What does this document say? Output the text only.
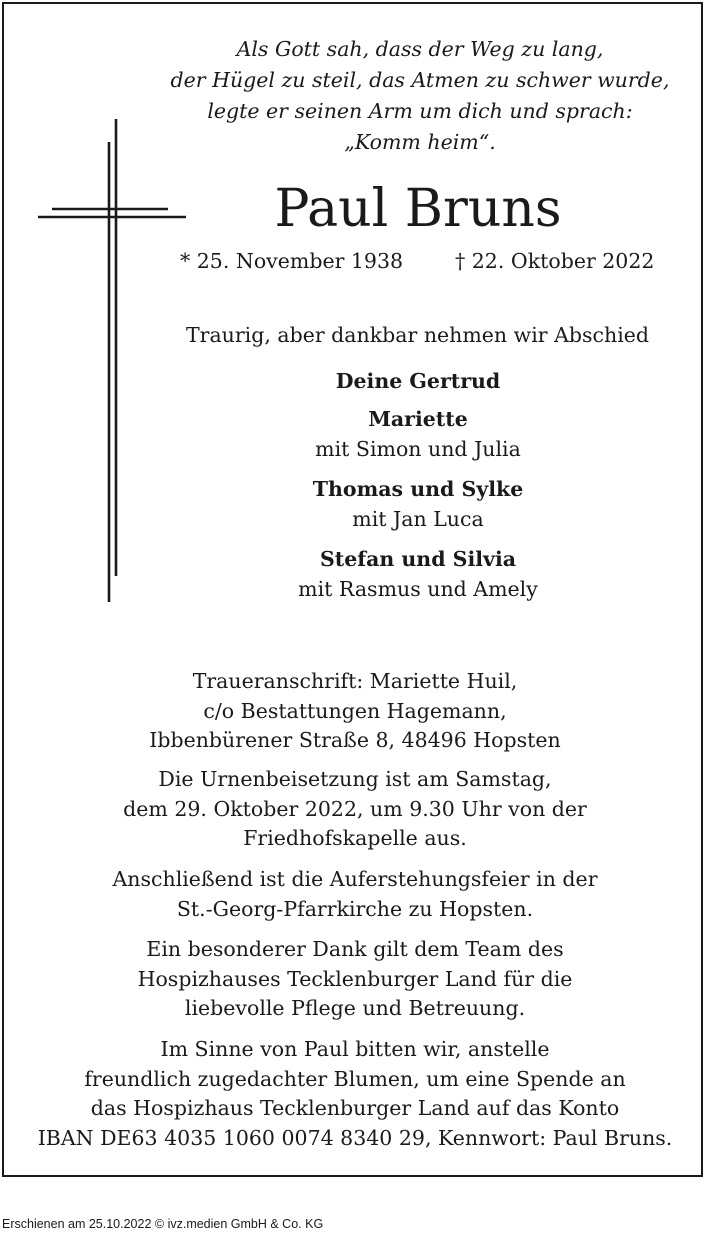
Als Gott sah, dass der Weg zu lang,
der Hügel zu steil, das Atmen zu schwer wurde,
legte er seinen Arm um dich und sprach:
„Komm heim“.
Paul Bruns
* 25. November 1938	† 22. Oktober 2022
Traurig, aber dankbar nehmen wir Abschied
Deine Gertrud
Mariette
mit Simon und Julia
Thomas und Sylke
mit Jan Luca
Stefan und Silvia
mit Rasmus und Amely
Traueranschrift: Mariette Huil,
c/o Bestattungen Hagemann,
Ibbenbürener Straße 8, 48496 Hopsten
Die Urnenbeisetzung ist am Samstag,
dem 29. Oktober 2022, um 9.30 Uhr von der
Friedhofskapelle aus.
Anschließend ist die Auferstehungsfeier in der
St.-Georg-Pfarrkirche zu Hopsten.
Ein besonderer Dank gilt dem Team des
Hospizhauses Tecklenburger Land für die
liebevolle Pflege und Betreuung.
Im Sinne von Paul bitten wir, anstelle
freundlich zugedachter Blumen, um eine Spende an
das Hospizhaus Tecklenburger Land auf das Konto
IBAN DE63 4035 1060 0074 8340 29, Kennwort: Paul Bruns.
Erschienen am 25.10.2022 © ivz.medien GmbH & Co. KG
